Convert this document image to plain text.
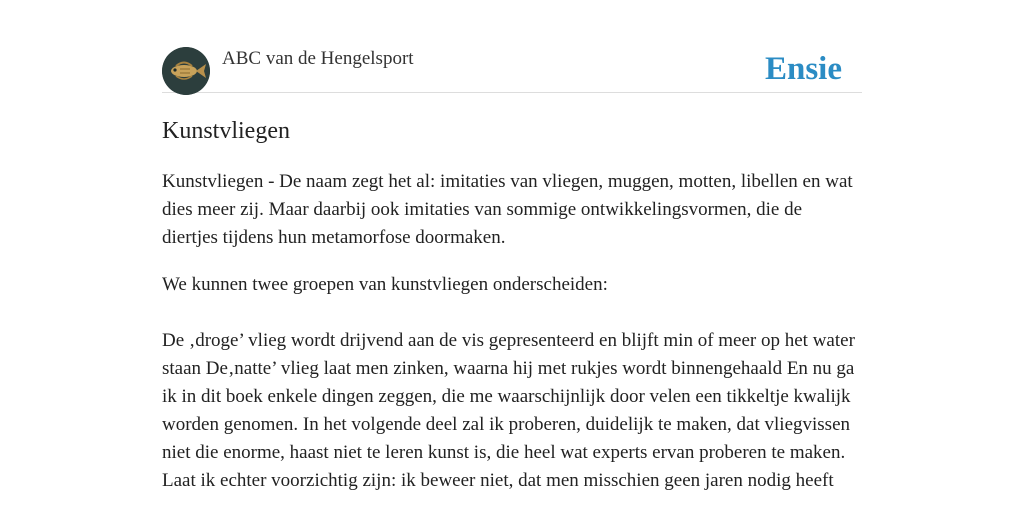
ABC van de Hengelsport	Ensie
Kunstvliegen

Kunstvliegen - De naam zegt het al: imitaties van vliegen, muggen, motten, libellen en wat dies meer zij. Maar daarbij ook imitaties van sommige ontwikkelingsvormen, die de diertjes tijdens hun metamorfose doormaken.

We kunnen twee groepen van kunstvliegen onderscheiden:

De ‚droge’ vlieg wordt drijvend aan de vis gepresenteerd en blijft min of meer op het water staan De‚natte’ vlieg laat men zinken, waarna hij met rukjes wordt binnengehaald En nu ga ik in dit boek enkele dingen zeggen, die me waarschijnlijk door velen een tikkeltje kwalijk worden genomen. In het volgende deel zal ik proberen, duidelijk te maken, dat vliegvissen niet die enorme, haast niet te leren kunst is, die heel wat experts ervan proberen te maken. Laat ik echter voorzichtig zijn: ik beweer niet, dat men misschien geen jaren nodig heeft
